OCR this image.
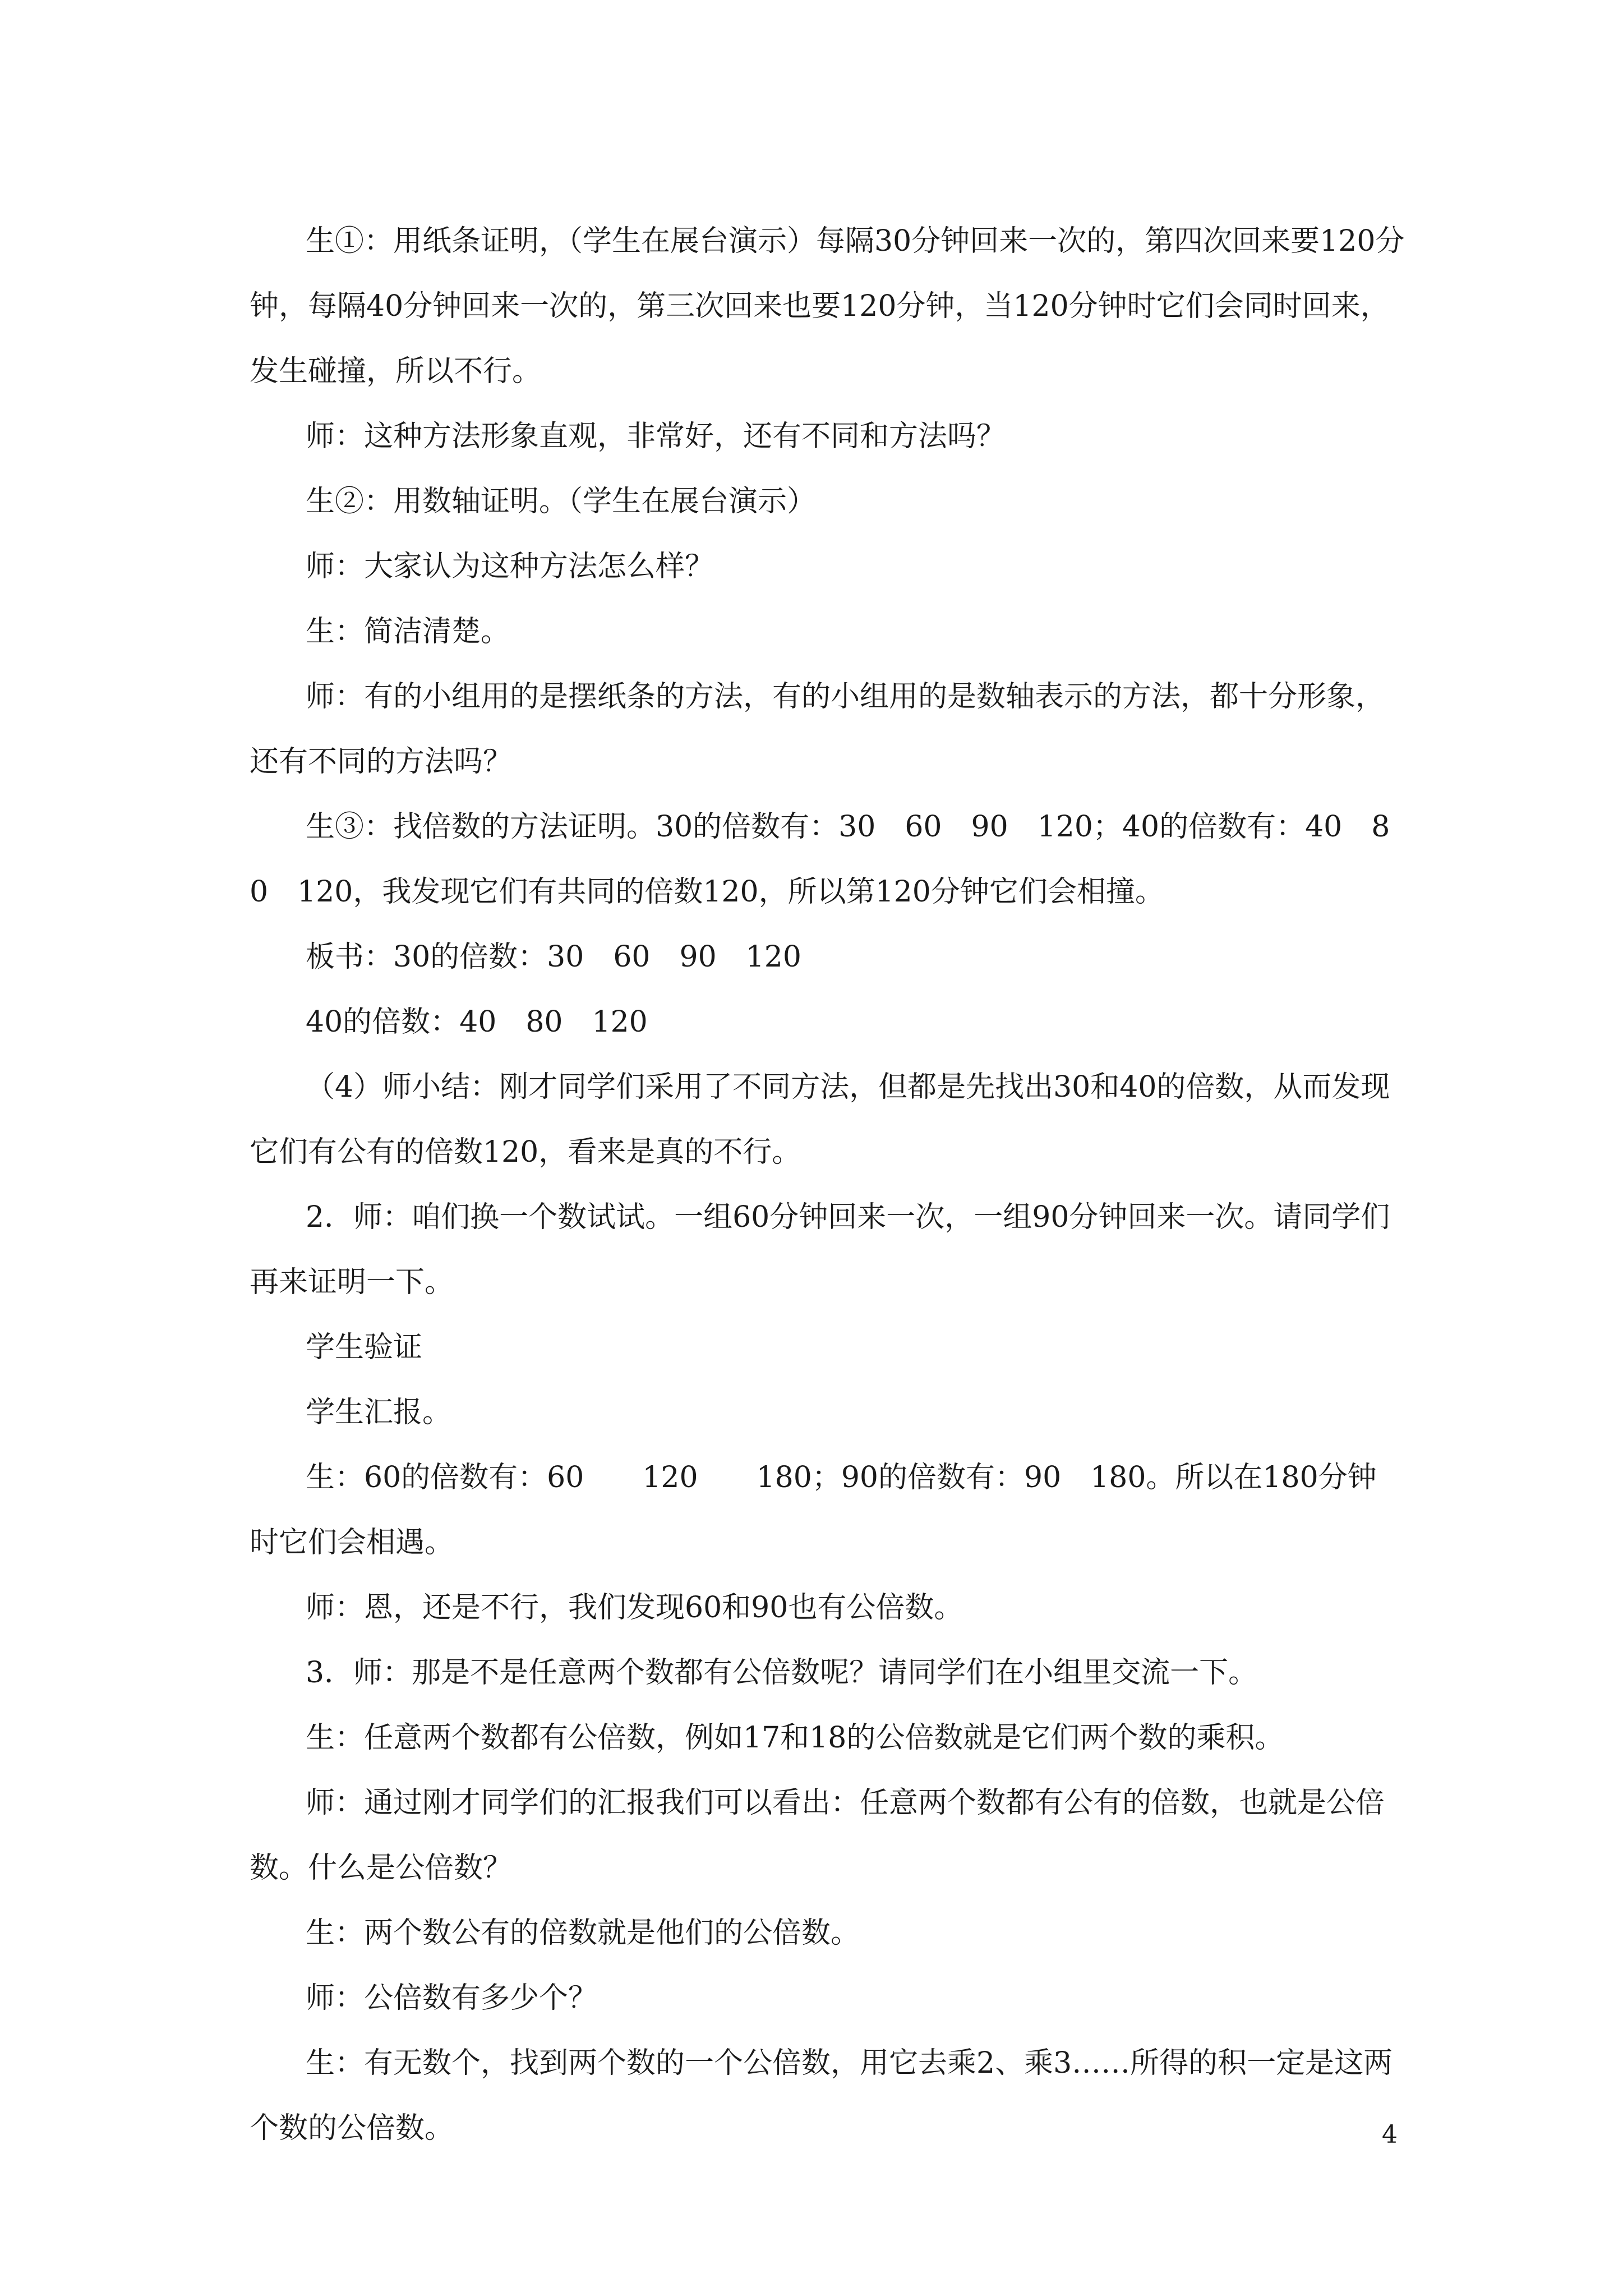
生①：用纸条证明，（学生在展台演示）每隔30分钟回来一次的，第四次回来要120分钟，每隔40分钟回来一次的，第三次回来也要120分钟，当120分钟时它们会同时回来，发生碰撞，所以不行。

师：这种方法形象直观，非常好，还有不同和方法吗？

生②：用数轴证明。（学生在展台演示）

师：大家认为这种方法怎么样？

生：简洁清楚。

师：有的小组用的是摆纸条的方法，有的小组用的是数轴表示的方法，都十分形象，还有不同的方法吗？

生③：找倍数的方法证明。30的倍数有：30　60　90　120；40的倍数有：40　80　120，我发现它们有共同的倍数120，所以第120分钟它们会相撞。

板书：30的倍数：30　60　90　120

40的倍数：40　80　120

（4）师小结：刚才同学们采用了不同方法，但都是先找出30和40的倍数，从而发现它们有公有的倍数120，看来是真的不行。

2．师：咱们换一个数试试。一组60分钟回来一次，一组90分钟回来一次。请同学们再来证明一下。

学生验证

学生汇报。

生：60的倍数有：60　　120　　180；90的倍数有：90　180。所以在180分钟时它们会相遇。

师：恩，还是不行，我们发现60和90也有公倍数。

3．师：那是不是任意两个数都有公倍数呢？请同学们在小组里交流一下。

生：任意两个数都有公倍数，例如17和18的公倍数就是它们两个数的乘积。

师：通过刚才同学们的汇报我们可以看出：任意两个数都有公有的倍数，也就是公倍数。什么是公倍数？

生：两个数公有的倍数就是他们的公倍数。

师：公倍数有多少个？

生：有无数个，找到两个数的一个公倍数，用它去乘2、乘3……所得的积一定是这两个数的公倍数。	4
